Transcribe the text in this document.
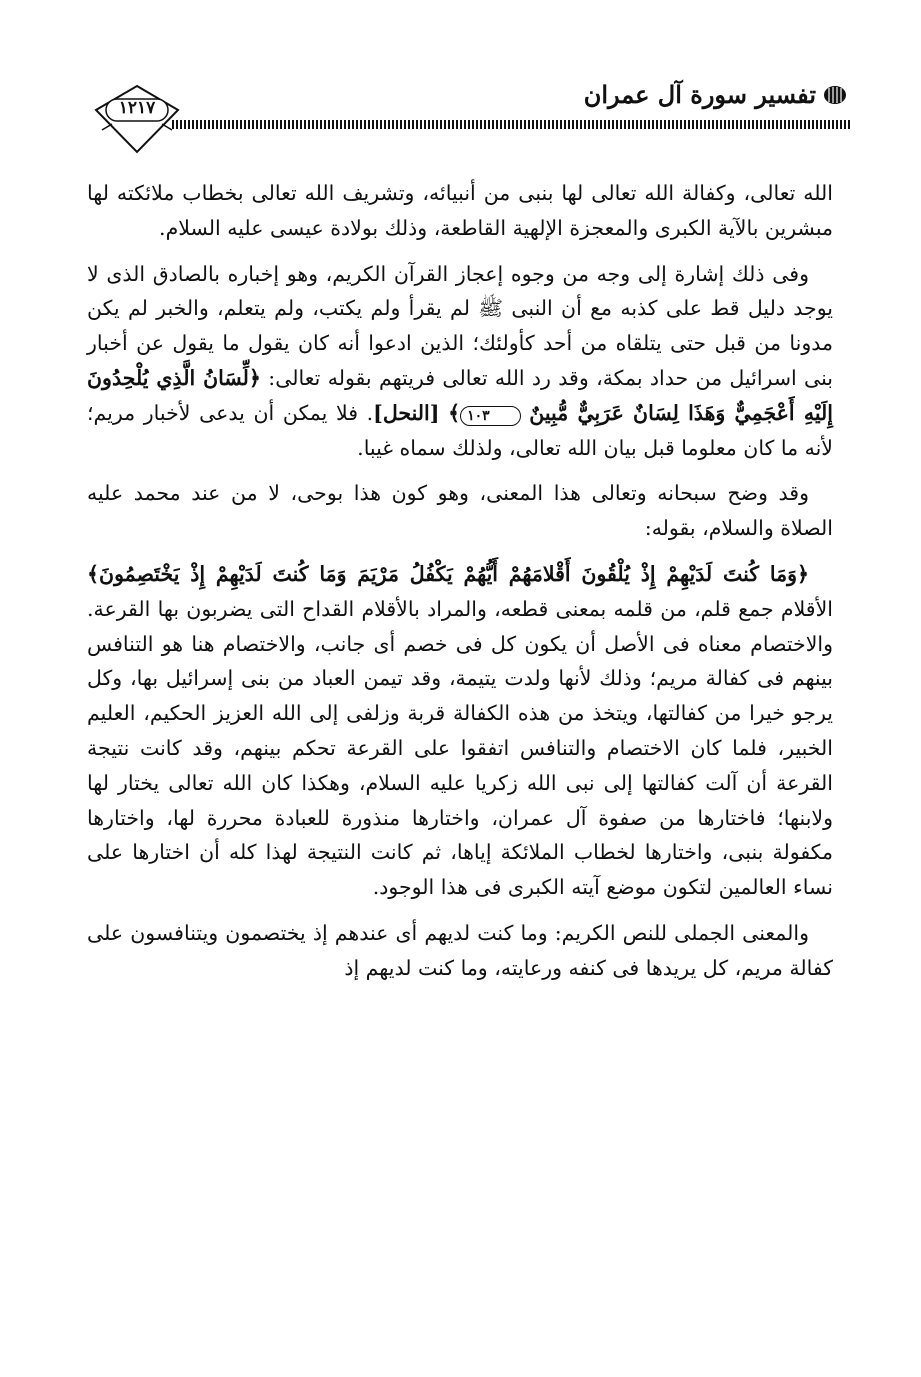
تفسير سورة آل عمران
١٢١٧

الله تعالى، وكفالة الله تعالى لها بنبى من أنبيائه، وتشريف الله تعالى بخطاب ملائكته لها مبشرين بالآية الكبرى والمعجزة الإلهية القاطعة، وذلك بولادة عيسى عليه السلام.

وفى ذلك إشارة إلى وجه من وجوه إعجاز القرآن الكريم، وهو إخباره بالصادق الذى لا يوجد دليل قط على كذبه مع أن النبى ﷺ لم يقرأ ولم يكتب، ولم يتعلم، والخبر لم يكن مدونا من قبل حتى يتلقاه من أحد كأولئك؛ الذين ادعوا أنه كان يقول ما يقول عن أخبار بنى اسرائيل من حداد بمكة، وقد رد الله تعالى فريتهم بقوله تعالى: ﴿لِّسَانُ الَّذِي يُلْحِدُونَ إِلَيْهِ أَعْجَمِيٌّ وَهَذَا لِسَانٌ عَرَبِيٌّ مُّبِينٌ ١٠٣﴾ [النحل]. فلا يمكن أن يدعى لأخبار مريم؛ لأنه ما كان معلوما قبل بيان الله تعالى، ولذلك سماه غيبا.

وقد وضح سبحانه وتعالى هذا المعنى، وهو كون هذا بوحى، لا من عند محمد عليه الصلاة والسلام، بقوله:

﴿وَمَا كُنتَ لَدَيْهِمْ إِذْ يُلْقُونَ أَقْلامَهُمْ أَيُّهُمْ يَكْفُلُ مَرْيَمَ وَمَا كُنتَ لَدَيْهِمْ إِذْ يَخْتَصِمُونَ﴾ الأقلام جمع قلم، من قلمه بمعنى قطعه، والمراد بالأقلام القداح التى يضربون بها القرعة. والاختصام معناه فى الأصل أن يكون كل فى خصم أى جانب، والاختصام هنا هو التنافس بينهم فى كفالة مريم؛ وذلك لأنها ولدت يتيمة، وقد تيمن العباد من بنى إسرائيل بها، وكل يرجو خيرا من كفالتها، ويتخذ من هذه الكفالة قربة وزلفى إلى الله العزيز الحكيم، العليم الخبير، فلما كان الاختصام والتنافس اتفقوا على القرعة تحكم بينهم، وقد كانت نتيجة القرعة أن آلت كفالتها إلى نبى الله زكريا عليه السلام، وهكذا كان الله تعالى يختار لها ولابنها؛ فاختارها من صفوة آل عمران، واختارها منذورة للعبادة محررة لها، واختارها مكفولة بنبى، واختارها لخطاب الملائكة إياها، ثم كانت النتيجة لهذا كله أن اختارها على نساء العالمين لتكون موضع آيته الكبرى فى هذا الوجود.

والمعنى الجملى للنص الكريم: وما كنت لديهم أى عندهم إذ يختصمون ويتنافسون على كفالة مريم، كل يريدها فى كنفه ورعايته، وما كنت لديهم إذ
